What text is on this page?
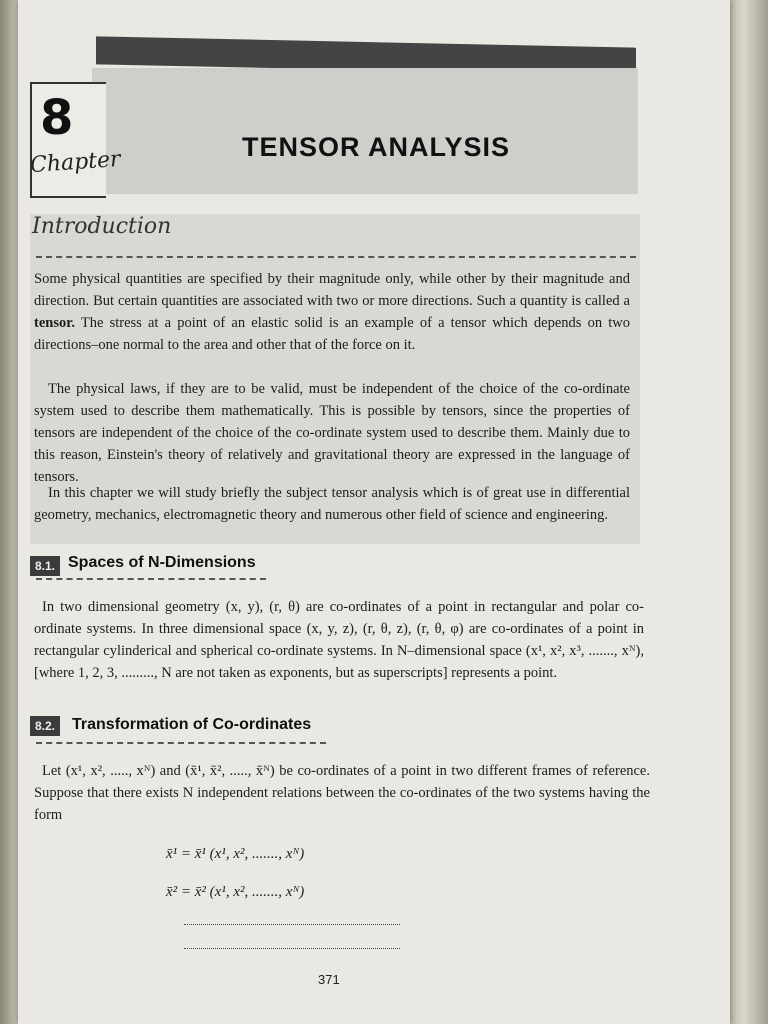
8
Chapter	TENSOR ANALYSIS
Introduction
Some physical quantities are specified by their magnitude only, while other by their magnitude and direction. But certain quantities are associated with two or more directions. Such a quantity is called a tensor. The stress at a point of an elastic solid is an example of a tensor which depends on two directions–one normal to the area and other that of the force on it.
The physical laws, if they are to be valid, must be independent of the choice of the co-ordinate system used to describe them mathematically. This is possible by tensors, since the properties of tensors are independent of the choice of the co-ordinate system used to describe them. Mainly due to this reason, Einstein's theory of relatively and gravitational theory are expressed in the language of tensors.
In this chapter we will study briefly the subject tensor analysis which is of great use in differential geometry, mechanics, electromagnetic theory and numerous other field of science and engineering.
8.1. Spaces of N-Dimensions
In two dimensional geometry (x, y), (r, θ) are co-ordinates of a point in rectangular and polar co-ordinate systems. In three dimensional space (x, y, z), (r, θ, z), (r, θ, φ) are co-ordinates of a point in rectangular cylinderical and spherical co-ordinate systems. In N–dimensional space (x¹, x², x³, ......., xᴺ), [where 1, 2, 3, ........., N are not taken as exponents, but as superscripts] represents a point.
8.2.	Transformation of Co-ordinates
Let (x¹, x², ....., xᴺ) and (x̄¹, x̄², ....., x̄ᴺ) be co-ordinates of a point in two different frames of reference. Suppose that there exists N independent relations between the co-ordinates of the two systems having the form
x̄¹ = x̄¹ (x¹, x², ......., xᴺ)
x̄² = x̄² (x¹, x², ......., xᴺ)
371
